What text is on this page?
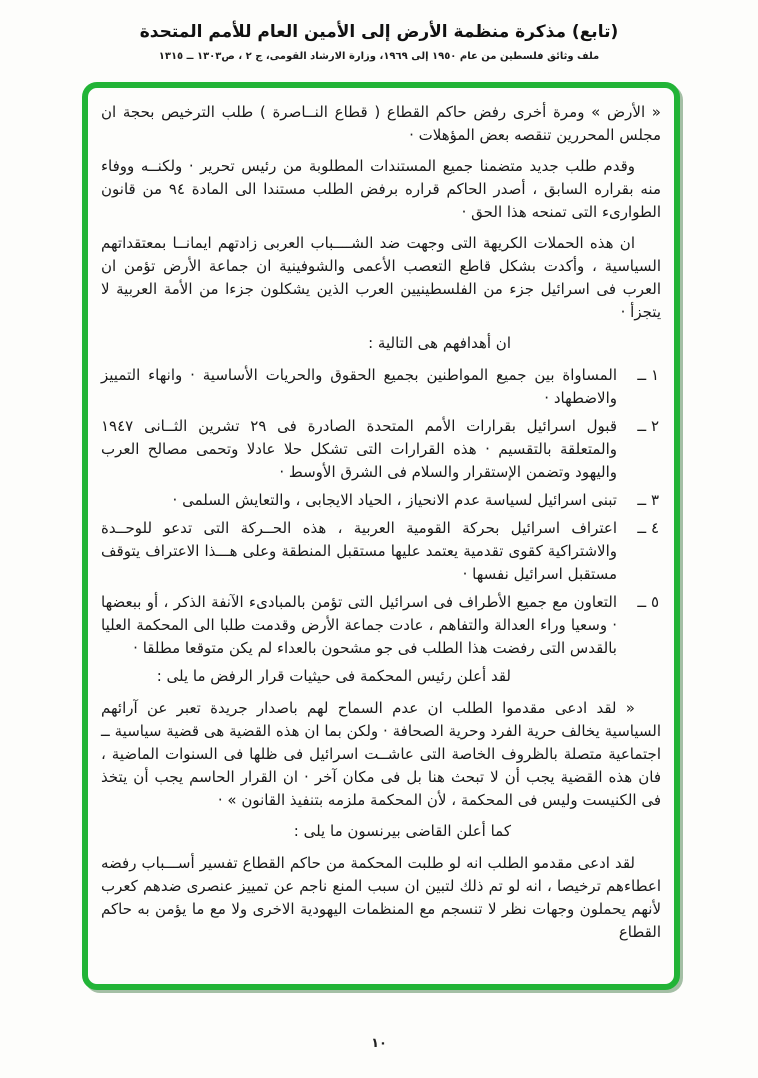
(تابع) مذكرة منظمة الأرض إلى الأمين العام للأمم المتحدة
ملف وثائق فلسطين من عام ١٩٥٠ إلى ١٩٦٩، وزارة الارشاد القومى، ج ٢ ، ص١٣٠٣ ــ ١٣١٥

« الأرض » ومرة أخرى رفض حاكم القطاع ( قطاع النــاصرة ) طلب الترخيص بحجة ان مجلس المحررين تنقصه بعض المؤهلات ·

وقدم طلب جديد متضمنا جميع المستندات المطلوبة من رئيس تحرير · ولكنــه ووفاء منه بقراره السابق ، أصدر الحاكم قراره برفض الطلب مستندا الى المادة ٩٤ من قانون الطوارىء التى تمنحه هذا الحق ·

ان هذه الحملات الكريهة التى وجهت ضد الشــــباب العربى زادتهم ايمانــا بمعتقداتهم السياسية ، وأكدت بشكل قاطع التعصب الأعمى والشوفينية ان جماعة الأرض تؤمن ان العرب فى اسرائيل جزء من الفلسطينيين العرب الذين يشكلون جزءا من الأمة العربية لا يتجزأ ·

ان أهدافهم هى التالية :

١ ــ
المساواة بين جميع المواطنين بجميع الحقوق والحريات الأساسية · وانهاء التمييز والاضطهاد ·

٢ ــ
قبول اسرائيل بقرارات الأمم المتحدة الصادرة فى ٢٩ تشرين الثــانى ١٩٤٧ والمتعلقة بالتقسيم · هذه القرارات التى تشكل حلا عادلا وتحمى مصالح العرب واليهود وتضمن الإستقرار والسلام فى الشرق الأوسط ·

٣ ــ
تبنى اسرائيل لسياسة عدم الانحياز ، الحياد الايجابى ، والتعايش السلمى ·

٤ ــ
اعتراف اسرائيل بحركة القومية العربية ، هذه الحــركة التى تدعو للوحــدة والاشتراكية كقوى تقدمية يعتمد عليها مستقبل المنطقة وعلى هـــذا الاعتراف يتوقف مستقبل اسرائيل نفسها ·

٥ ــ
التعاون مع جميع الأطراف فى اسرائيل التى تؤمن بالمبادىء الآنفة الذكر ، أو ببعضها · وسعيا وراء العدالة والتفاهم ، عادت جماعة الأرض وقدمت طلبا الى المحكمة العليا بالقدس التى رفضت هذا الطلب فى جو مشحون بالعداء لم يكن متوقعا مطلقا ·

لقد أعلن رئيس المحكمة فى حيثيات قرار الرفض ما يلى :

« لقد ادعى مقدموا الطلب ان عدم السماح لهم باصدار جريدة تعبر عن آرائهم السياسية يخالف حرية الفرد وحرية الصحافة · ولكن بما ان هذه القضية هى قضية سياسية ــ اجتماعية متصلة بالظروف الخاصة التى عاشــت اسرائيل فى ظلها فى السنوات الماضية ، فان هذه القضية يجب أن لا تبحث هنا بل فى مكان آخر · ان القرار الحاسم يجب أن يتخذ فى الكنيست وليس فى المحكمة ، لأن المحكمة ملزمه بتنفيذ القانون » ·

كما أعلن القاضى بيرنسون ما يلى :

لقد ادعى مقدمو الطلب انه لو طلبت المحكمة من حاكم القطاع تفسير أســـباب رفضه اعطاءهم ترخيصا ، انه لو تم ذلك لتبين ان سبب المنع ناجم عن تمييز عنصرى ضدهم كعرب لأنهم يحملون وجهات نظر لا تنسجم مع المنظمات اليهودية الاخرى ولا مع ما يؤمن به حاكم القطاع

١٠
